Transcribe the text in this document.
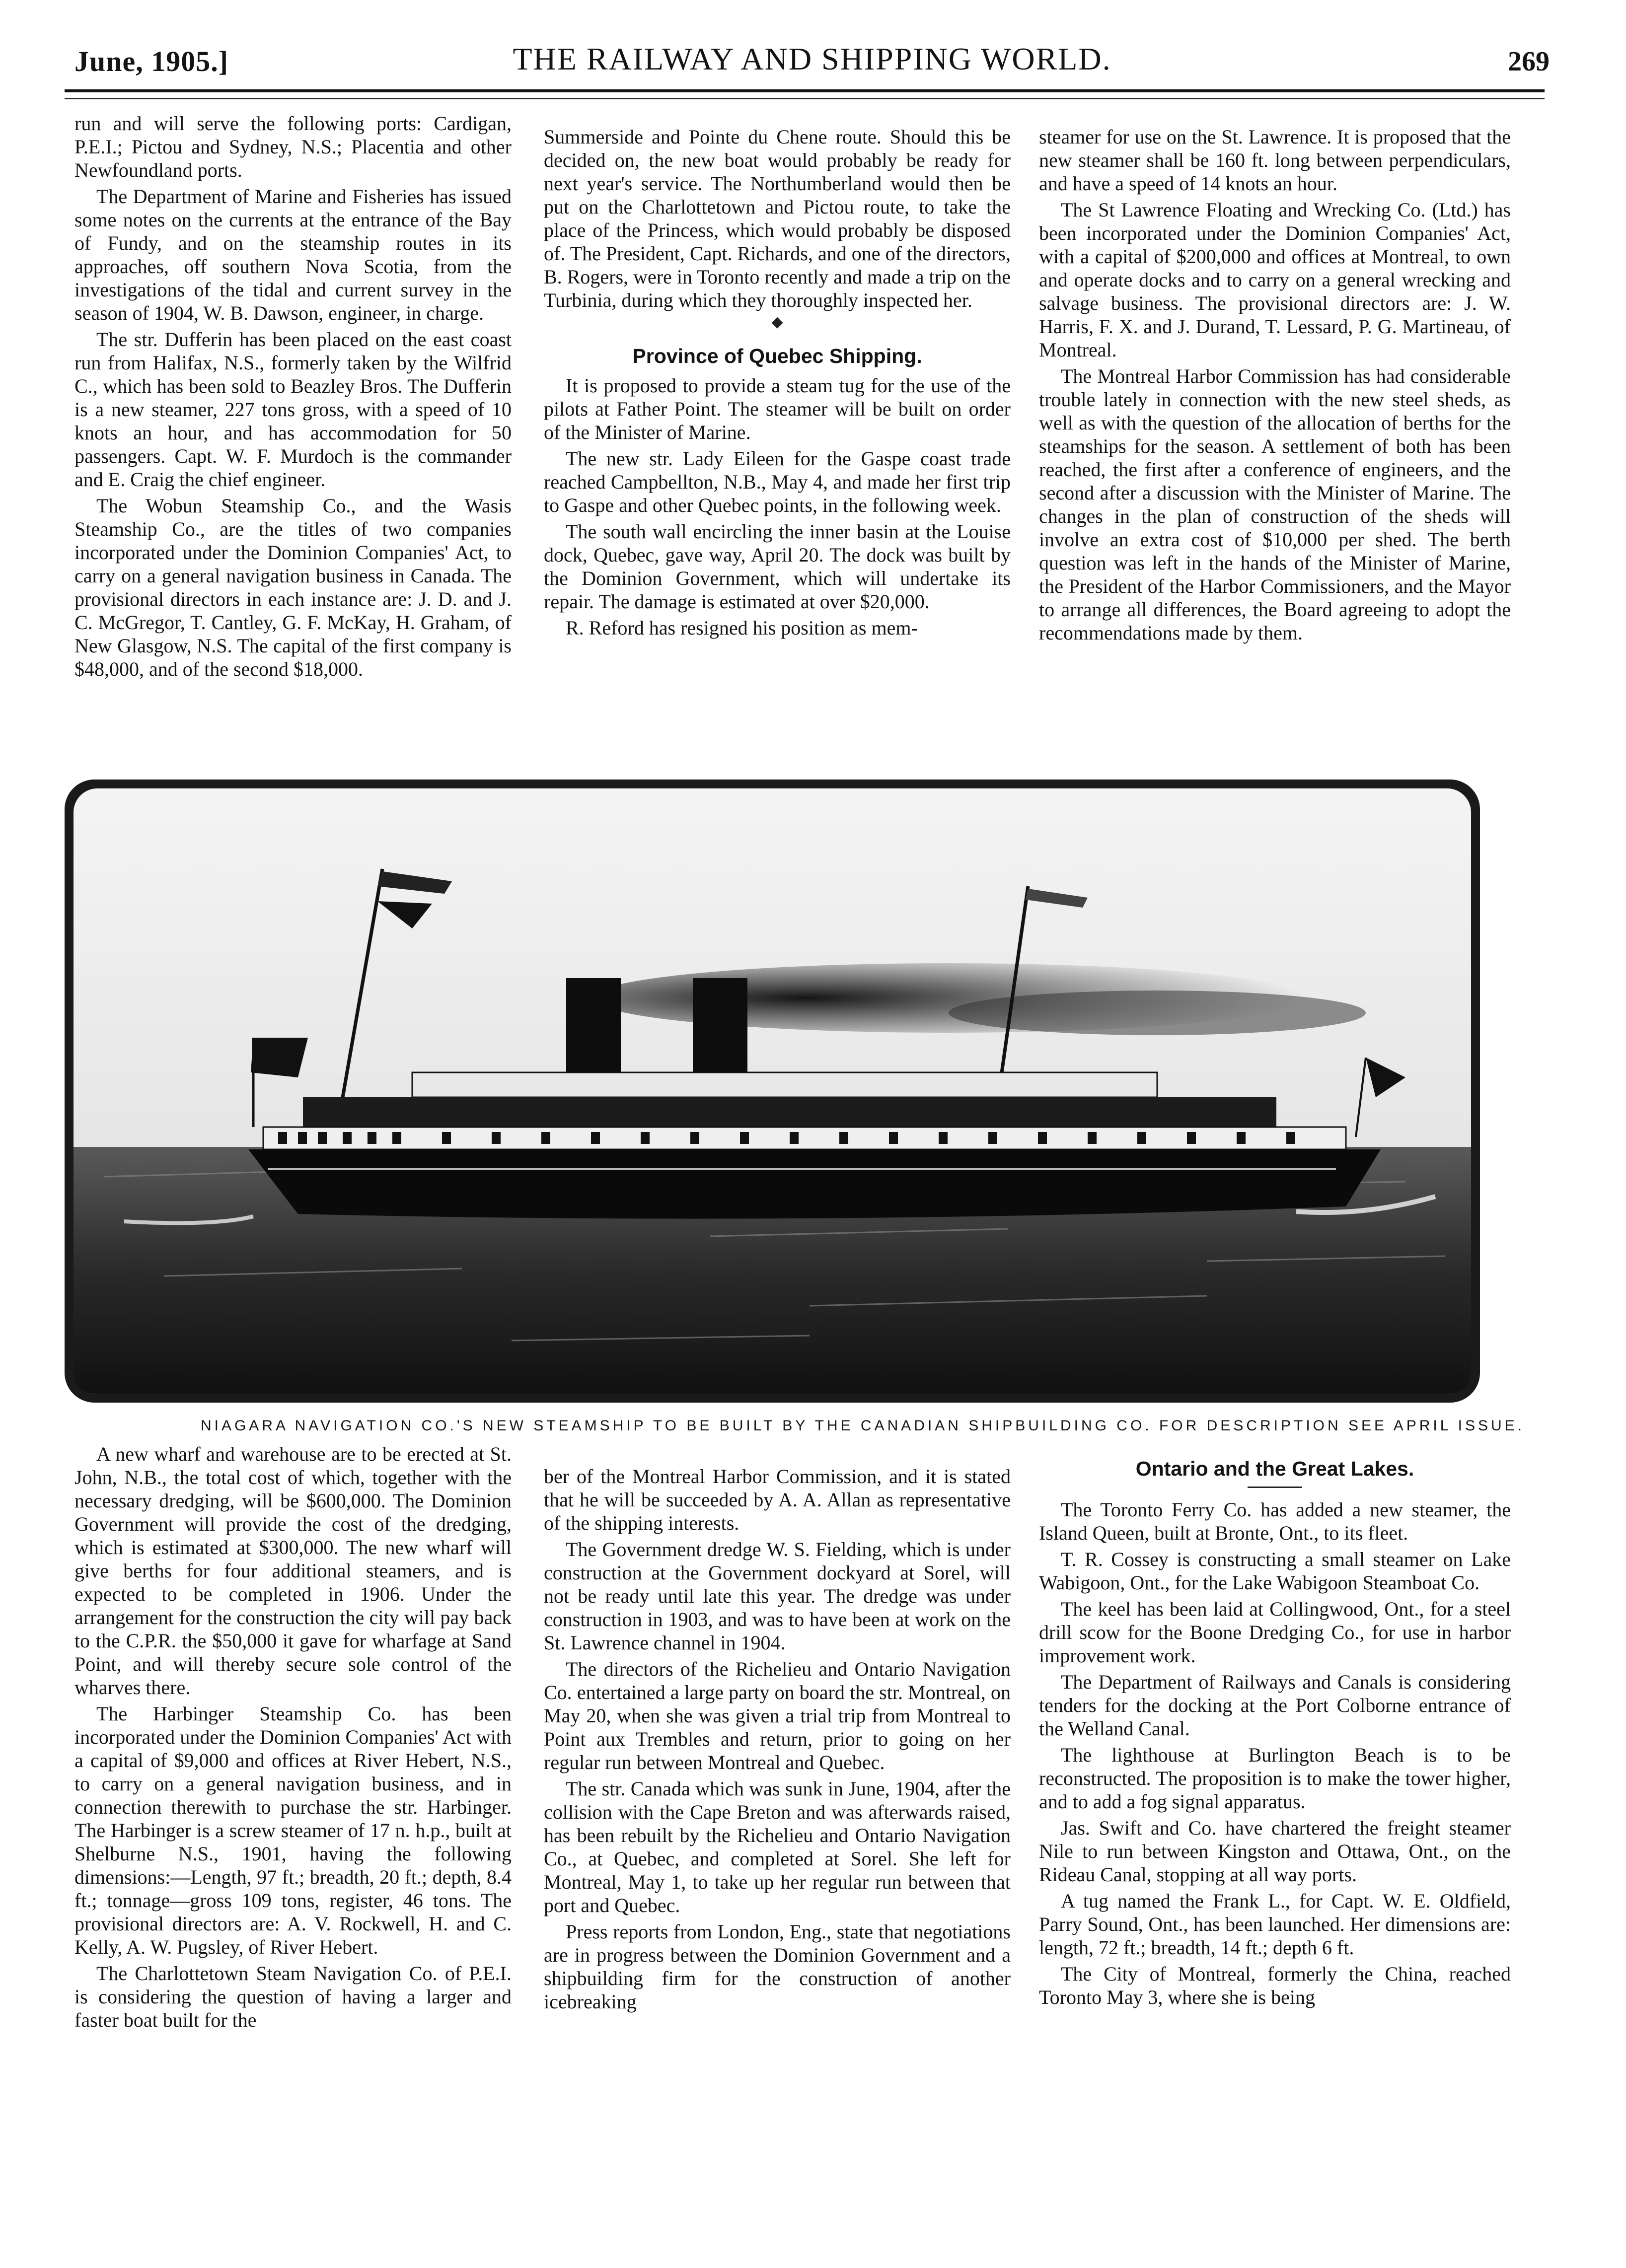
June, 1905.]	THE RAILWAY AND SHIPPING WORLD.	269

run and will serve the following ports: Cardigan, P.E.I.; Pictou and Sydney, N.S.; Placentia and other Newfoundland ports.

The Department of Marine and Fisheries has issued some notes on the currents at the entrance of the Bay of Fundy, and on the steamship routes in its approaches, off southern Nova Scotia, from the investigations of the tidal and current survey in the season of 1904, W. B. Dawson, engineer, in charge.

The str. Dufferin has been placed on the east coast run from Halifax, N.S., formerly taken by the Wilfrid C., which has been sold to Beazley Bros. The Dufferin is a new steamer, 227 tons gross, with a speed of 10 knots an hour, and has accommodation for 50 passengers. Capt. W. F. Murdoch is the commander and E. Craig the chief engineer.

The Wobun Steamship Co., and the Wasis Steamship Co., are the titles of two companies incorporated under the Dominion Companies' Act, to carry on a general navigation business in Canada. The provisional directors in each instance are: J. D. and J. C. McGregor, T. Cantley, G. F. McKay, H. Graham, of New Glasgow, N.S. The capital of the first company is $48,000, and of the second $18,000.

Summerside and Pointe du Chene route. Should this be decided on, the new boat would probably be ready for next year's service. The Northumberland would then be put on the Charlottetown and Pictou route, to take the place of the Princess, which would probably be disposed of. The President, Capt. Richards, and one of the directors, B. Rogers, were in Toronto recently and made a trip on the Turbinia, during which they thoroughly inspected her.

◆
Province of Quebec Shipping.

It is proposed to provide a steam tug for the use of the pilots at Father Point. The steamer will be built on order of the Minister of Marine.

The new str. Lady Eileen for the Gaspe coast trade reached Campbellton, N.B., May 4, and made her first trip to Gaspe and other Quebec points, in the following week.

The south wall encircling the inner basin at the Louise dock, Quebec, gave way, April 20. The dock was built by the Dominion Government, which will undertake its repair. The damage is estimated at over $20,000.

R. Reford has resigned his position as mem-

steamer for use on the St. Lawrence. It is proposed that the new steamer shall be 160 ft. long between perpendiculars, and have a speed of 14 knots an hour.

The St Lawrence Floating and Wrecking Co. (Ltd.) has been incorporated under the Dominion Companies' Act, with a capital of $200,000 and offices at Montreal, to own and operate docks and to carry on a general wrecking and salvage business. The provisional directors are: J. W. Harris, F. X. and J. Durand, T. Lessard, P. G. Martineau, of Montreal.

The Montreal Harbor Commission has had considerable trouble lately in connection with the new steel sheds, as well as with the question of the allocation of berths for the steamships for the season. A settlement of both has been reached, the first after a conference of engineers, and the second after a discussion with the Minister of Marine. The changes in the plan of construction of the sheds will involve an extra cost of $10,000 per shed. The berth question was left in the hands of the Minister of Marine, the President of the Harbor Commissioners, and the Mayor to arrange all differences, the Board agreeing to adopt the recommendations made by them.

NIAGARA NAVIGATION CO.'S NEW STEAMSHIP TO BE BUILT BY THE CANADIAN SHIPBUILDING CO. FOR DESCRIPTION SEE APRIL ISSUE.

A new wharf and warehouse are to be erected at St. John, N.B., the total cost of which, together with the necessary dredging, will be $600,000. The Dominion Government will provide the cost of the dredging, which is estimated at $300,000. The new wharf will give berths for four additional steamers, and is expected to be completed in 1906. Under the arrangement for the construction the city will pay back to the C.P.R. the $50,000 it gave for wharfage at Sand Point, and will thereby secure sole control of the wharves there.

The Harbinger Steamship Co. has been incorporated under the Dominion Companies' Act with a capital of $9,000 and offices at River Hebert, N.S., to carry on a general navigation business, and in connection therewith to purchase the str. Harbinger. The Harbinger is a screw steamer of 17 n. h.p., built at Shelburne N.S., 1901, having the following dimensions:—Length, 97 ft.; breadth, 20 ft.; depth, 8.4 ft.; tonnage—gross 109 tons, register, 46 tons. The provisional directors are: A. V. Rockwell, H. and C. Kelly, A. W. Pugsley, of River Hebert.

The Charlottetown Steam Navigation Co. of P.E.I. is considering the question of having a larger and faster boat built for the

ber of the Montreal Harbor Commission, and it is stated that he will be succeeded by A. A. Allan as representative of the shipping interests.

The Government dredge W. S. Fielding, which is under construction at the Government dockyard at Sorel, will not be ready until late this year. The dredge was under construction in 1903, and was to have been at work on the St. Lawrence channel in 1904.

The directors of the Richelieu and Ontario Navigation Co. entertained a large party on board the str. Montreal, on May 20, when she was given a trial trip from Montreal to Point aux Trembles and return, prior to going on her regular run between Montreal and Quebec.

The str. Canada which was sunk in June, 1904, after the collision with the Cape Breton and was afterwards raised, has been rebuilt by the Richelieu and Ontario Navigation Co., at Quebec, and completed at Sorel. She left for Montreal, May 1, to take up her regular run between that port and Quebec.

Press reports from London, Eng., state that negotiations are in progress between the Dominion Government and a shipbuilding firm for the construction of another icebreaking

Ontario and the Great Lakes.

The Toronto Ferry Co. has added a new steamer, the Island Queen, built at Bronte, Ont., to its fleet.

T. R. Cossey is constructing a small steamer on Lake Wabigoon, Ont., for the Lake Wabigoon Steamboat Co.

The keel has been laid at Collingwood, Ont., for a steel drill scow for the Boone Dredging Co., for use in harbor improvement work.

The Department of Railways and Canals is considering tenders for the docking at the Port Colborne entrance of the Welland Canal.

The lighthouse at Burlington Beach is to be reconstructed. The proposition is to make the tower higher, and to add a fog signal apparatus.

Jas. Swift and Co. have chartered the freight steamer Nile to run between Kingston and Ottawa, Ont., on the Rideau Canal, stopping at all way ports.

A tug named the Frank L., for Capt. W. E. Oldfield, Parry Sound, Ont., has been launched. Her dimensions are: length, 72 ft.; breadth, 14 ft.; depth 6 ft.

The City of Montreal, formerly the China, reached Toronto May 3, where she is being
